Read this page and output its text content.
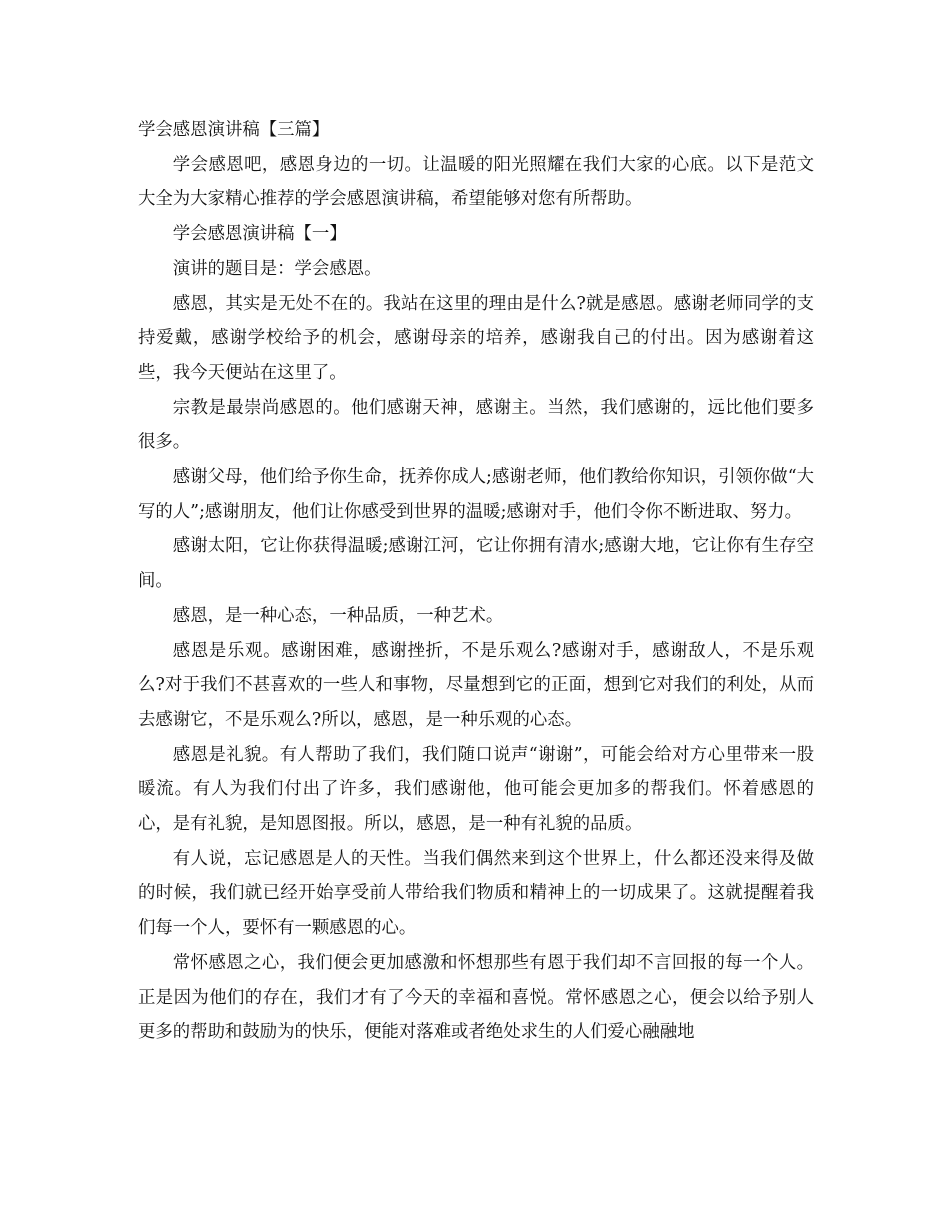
学会感恩演讲稿【三篇】

学会感恩吧，感恩身边的一切。让温暖的阳光照耀在我们大家的心底。以下是范文大全为大家精心推荐的学会感恩演讲稿，希望能够对您有所帮助。

学会感恩演讲稿【一】

演讲的题目是：学会感恩。

感恩，其实是无处不在的。我站在这里的理由是什么?就是感恩。感谢老师同学的支持爱戴，感谢学校给予的机会，感谢母亲的培养，感谢我自己的付出。因为感谢着这些，我今天便站在这里了。

宗教是最崇尚感恩的。他们感谢天神，感谢主。当然，我们感谢的，远比他们要多很多。

感谢父母，他们给予你生命，抚养你成人;感谢老师，他们教给你知识，引领你做“大写的人”;感谢朋友，他们让你感受到世界的温暖;感谢对手，他们令你不断进取、努力。

感谢太阳，它让你获得温暖;感谢江河，它让你拥有清水;感谢大地，它让你有生存空间。

感恩，是一种心态，一种品质，一种艺术。

感恩是乐观。感谢困难，感谢挫折，不是乐观么?感谢对手，感谢敌人，不是乐观么?对于我们不甚喜欢的一些人和事物，尽量想到它的正面，想到它对我们的利处，从而去感谢它，不是乐观么?所以，感恩，是一种乐观的心态。

感恩是礼貌。有人帮助了我们，我们随口说声“谢谢”，可能会给对方心里带来一股暖流。有人为我们付出了许多，我们感谢他，他可能会更加多的帮我们。怀着感恩的心，是有礼貌，是知恩图报。所以，感恩，是一种有礼貌的品质。

有人说，忘记感恩是人的天性。当我们偶然来到这个世界上，什么都还没来得及做的时候，我们就已经开始享受前人带给我们物质和精神上的一切成果了。这就提醒着我们每一个人，要怀有一颗感恩的心。

常怀感恩之心，我们便会更加感激和怀想那些有恩于我们却不言回报的每一个人。正是因为他们的存在，我们才有了今天的幸福和喜悦。常怀感恩之心，便会以给予别人更多的帮助和鼓励为的快乐，便能对落难或者绝处求生的人们爱心融融地
